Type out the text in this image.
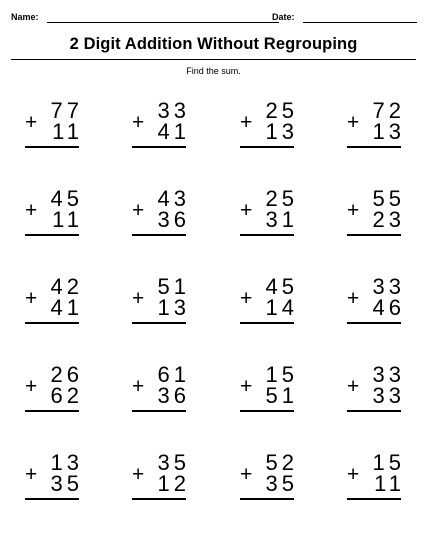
Name:	Date:
2 Digit Addition Without Regrouping
Find the sum.
+ 77
11 + 33
41 + 25
13 + 72
13
+ 45
11 + 43
36 + 25
31 + 55
23
+ 42
41 + 51
13 + 45
14 + 33
46
+ 26
62 + 61
36 + 15
51 + 33
33
+ 13
35 + 35
12 + 52
35 + 15
11
